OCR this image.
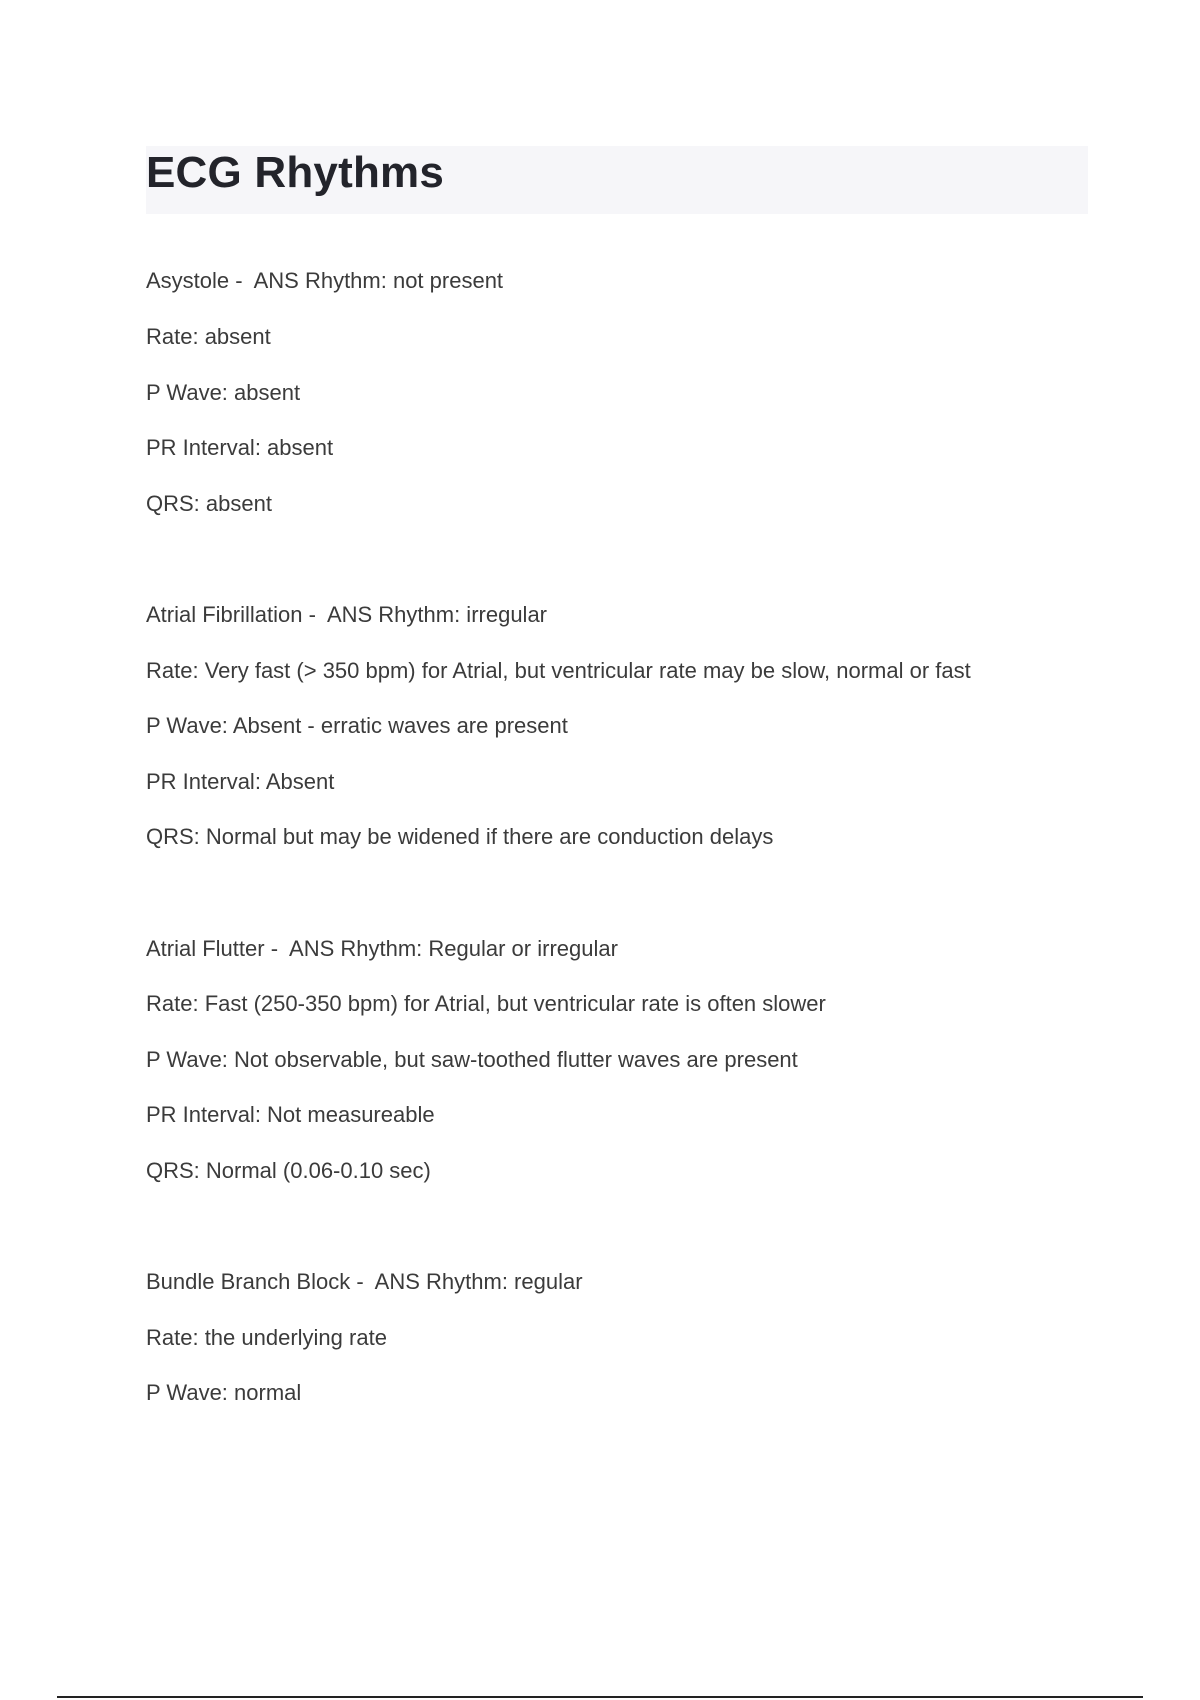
ECG Rhythms

Asystole -  ANS Rhythm: not present

Rate: absent

P Wave: absent

PR Interval: absent

QRS: absent

Atrial Fibrillation -  ANS Rhythm: irregular

Rate: Very fast (> 350 bpm) for Atrial, but ventricular rate may be slow, normal or fast

P Wave: Absent - erratic waves are present

PR Interval: Absent

QRS: Normal but may be widened if there are conduction delays

Atrial Flutter -  ANS Rhythm: Regular or irregular

Rate: Fast (250-350 bpm) for Atrial, but ventricular rate is often slower

P Wave: Not observable, but saw-toothed flutter waves are present

PR Interval: Not measureable

QRS: Normal (0.06-0.10 sec)

Bundle Branch Block -  ANS Rhythm: regular

Rate: the underlying rate

P Wave: normal
